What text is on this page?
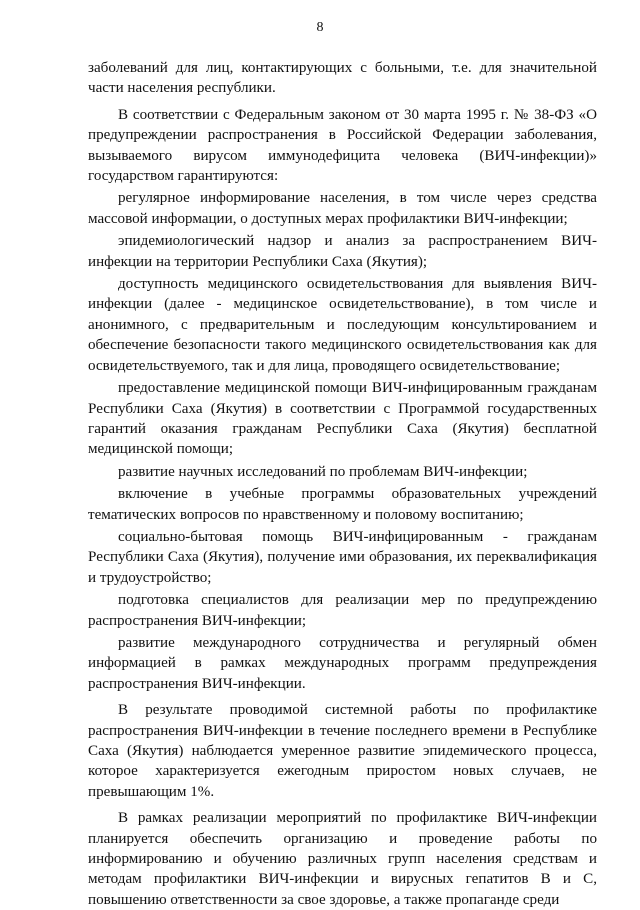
8

заболеваний для лиц, контактирующих с больными, т.е. для значительной части населения республики.

В соответствии с Федеральным законом от 30 марта 1995 г. № 38-ФЗ «О предупреждении распространения в Российской Федерации заболевания, вызываемого вирусом иммунодефицита человека (ВИЧ-инфекции)» государством гарантируются:

регулярное информирование населения, в том числе через средства массовой информации, о доступных мерах профилактики ВИЧ-инфекции;

эпидемиологический надзор и анализ за распространением ВИЧ-инфекции на территории Республики Саха (Якутия);

доступность медицинского освидетельствования для выявления ВИЧ-инфекции (далее - медицинское освидетельствование), в том числе и анонимного, с предварительным и последующим консультированием и обеспечение безопасности такого медицинского освидетельствования как для освидетельствуемого, так и для лица, проводящего освидетельствование;

предоставление медицинской помощи ВИЧ-инфицированным гражданам Республики Саха (Якутия) в соответствии с Программой государственных гарантий оказания гражданам Республики Саха (Якутия) бесплатной медицинской помощи;

развитие научных исследований по проблемам ВИЧ-инфекции;

включение в учебные программы образовательных учреждений тематических вопросов по нравственному и половому воспитанию;

социально-бытовая помощь ВИЧ-инфицированным - гражданам Республики Саха (Якутия), получение ими образования, их переквалификация и трудоустройство;

подготовка специалистов для реализации мер по предупреждению распространения ВИЧ-инфекции;

развитие международного сотрудничества и регулярный обмен информацией в рамках международных программ предупреждения распространения ВИЧ-инфекции.

В результате проводимой системной работы по профилактике распространения ВИЧ-инфекции в течение последнего времени в Республике Саха (Якутия) наблюдается умеренное развитие эпидемического процесса, которое характеризуется ежегодным приростом новых случаев, не превышающим 1%.

В рамках реализации мероприятий по профилактике ВИЧ-инфекции планируется обеспечить организацию и проведение работы по информированию и обучению различных групп населения средствам и методам профилактики ВИЧ-инфекции и вирусных гепатитов В и С, повышению ответственности за свое здоровье, а также пропаганде среди
